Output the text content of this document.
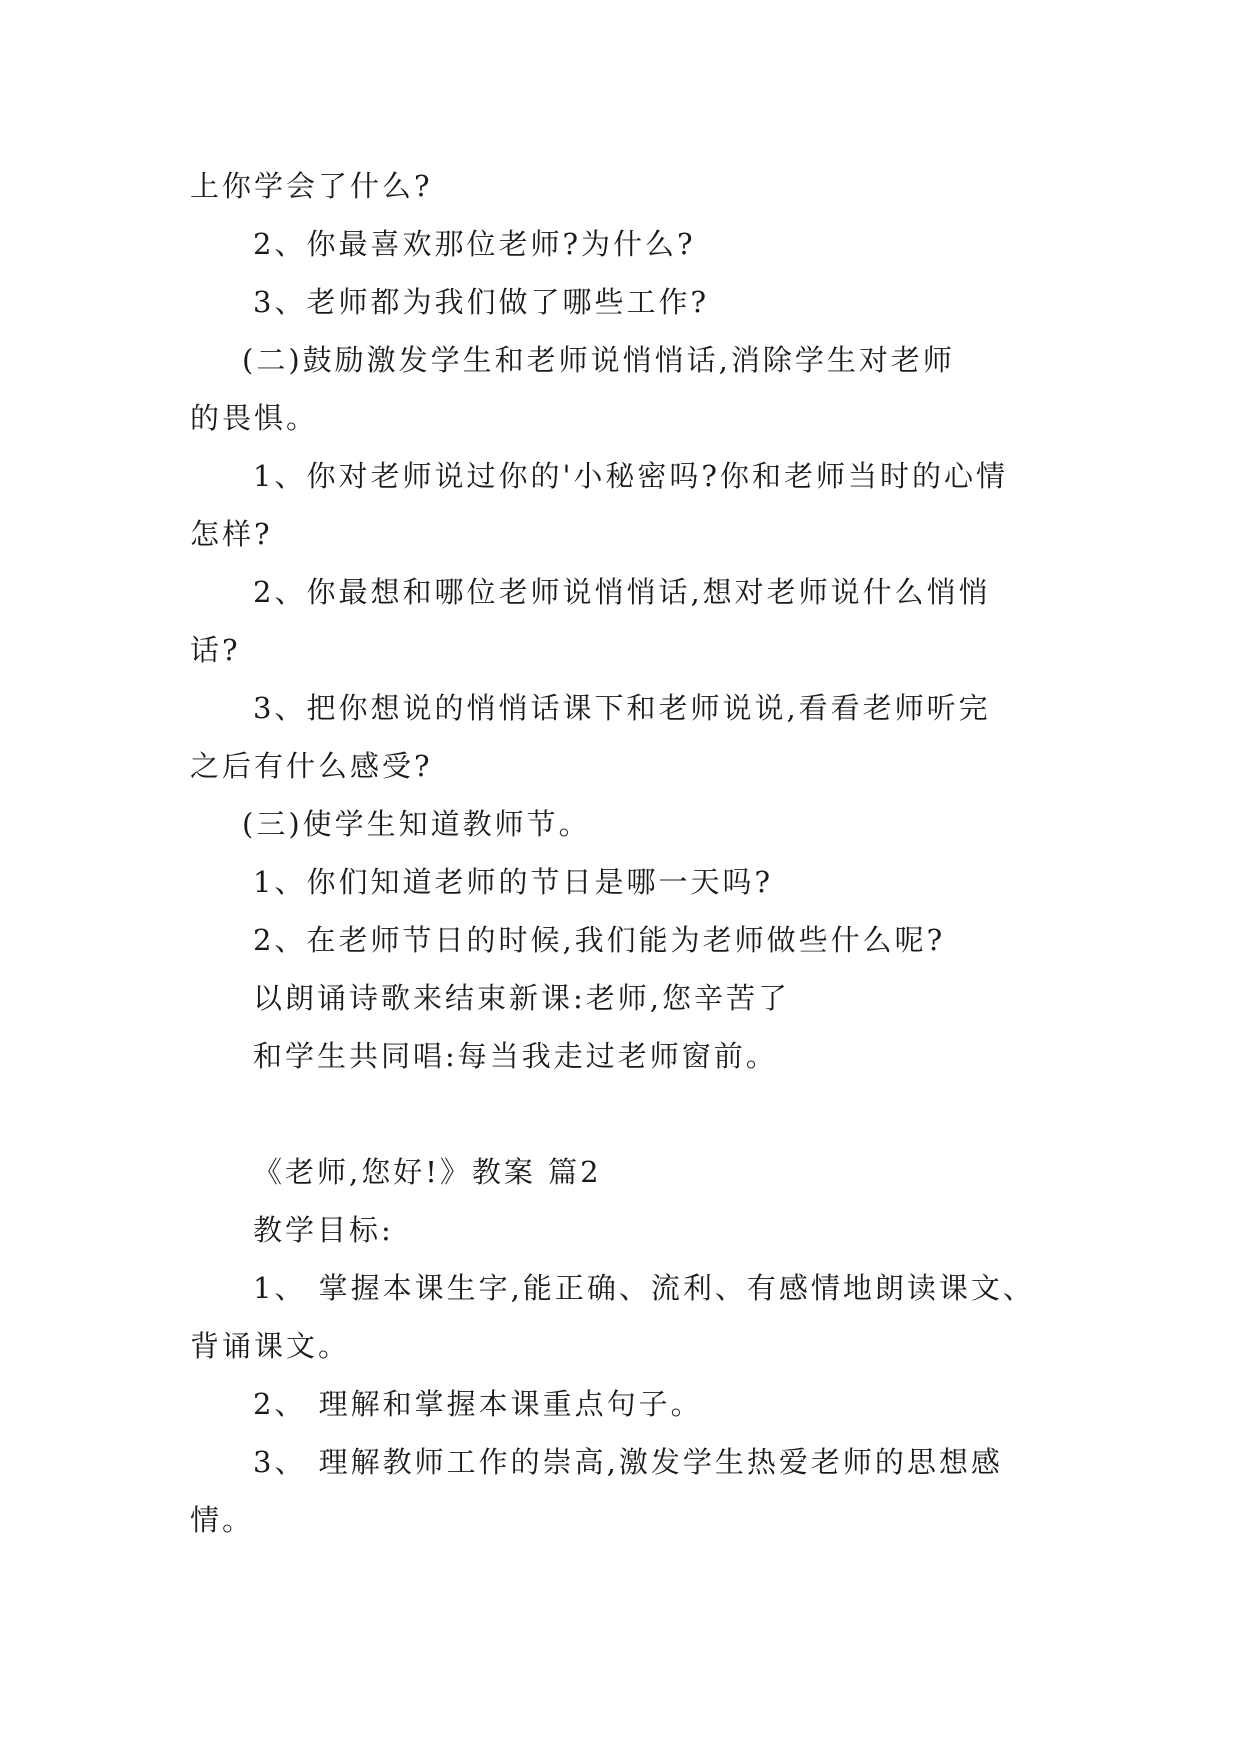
上你学会了什么?

2、你最喜欢那位老师?为什么?

3、老师都为我们做了哪些工作?

(二)鼓励激发学生和老师说悄悄话,消除学生对老师

的畏惧。

1、你对老师说过你的'小秘密吗?你和老师当时的心情

怎样?

2、你最想和哪位老师说悄悄话,想对老师说什么悄悄

话?

3、把你想说的悄悄话课下和老师说说,看看老师听完

之后有什么感受?

(三)使学生知道教师节。

1、你们知道老师的节日是哪一天吗?

2、在老师节日的时候,我们能为老师做些什么呢?

以朗诵诗歌来结束新课:老师,您辛苦了

和学生共同唱:每当我走过老师窗前。

《老师,您好!》教案 篇2

教学目标:

1、 掌握本课生字,能正确、流利、有感情地朗读课文、

背诵课文。

2、 理解和掌握本课重点句子。

3、 理解教师工作的崇高,激发学生热爱老师的思想感

情。
